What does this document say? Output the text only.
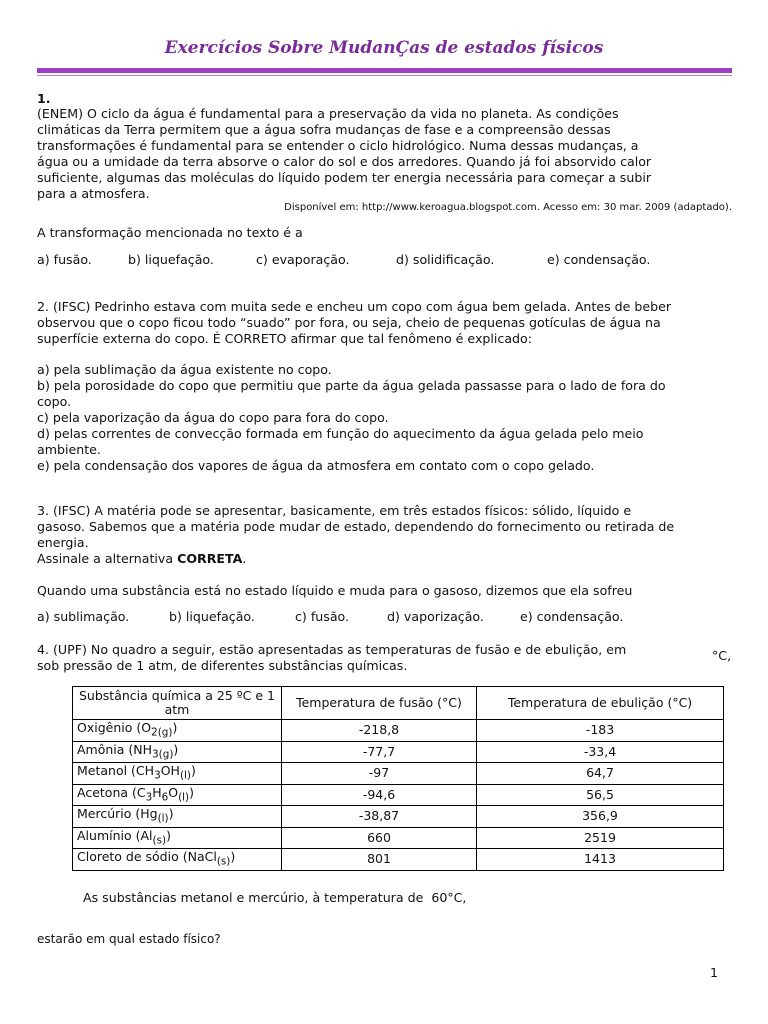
Exercícios Sobre MudanÇas de estados físicos
1.
(ENEM) O ciclo da água é fundamental para a preservação da vida no planeta. As condições
climáticas da Terra permitem que a água sofra mudanças de fase e a compreensão dessas
transformações é fundamental para se entender o ciclo hidrológico. Numa dessas mudanças, a
água ou a umidade da terra absorve o calor do sol e dos arredores. Quando já foi absorvido calor
suficiente, algumas das moléculas do líquido podem ter energia necessária para começar a subir
para a atmosfera.
Disponível em: http://www.keroagua.blogspot.com. Acesso em: 30 mar. 2009 (adaptado).
A transformação mencionada no texto é a
a) fusão.	b) liquefação.	c) evaporação.	d) solidificação.	e) condensação.
2. (IFSC) Pedrinho estava com muita sede e encheu um copo com água bem gelada. Antes de beber
observou que o copo ficou todo “suado” por fora, ou seja, cheio de pequenas gotículas de água na
superfície externa do copo. É CORRETO afirmar que tal fenômeno é explicado:
a) pela sublimação da água existente no copo.
b) pela porosidade do copo que permitiu que parte da água gelada passasse para o lado de fora do
copo.
c) pela vaporização da água do copo para fora do copo.
d) pelas correntes de convecção formada em função do aquecimento da água gelada pelo meio
ambiente.
e) pela condensação dos vapores de água da atmosfera em contato com o copo gelado.
3. (IFSC) A matéria pode se apresentar, basicamente, em três estados físicos: sólido, líquido e
gasoso. Sabemos que a matéria pode mudar de estado, dependendo do fornecimento ou retirada de
energia.
Assinale a alternativa CORRETA.
Quando uma substância está no estado líquido e muda para o gasoso, dizemos que ela sofreu
a) sublimação.	b) liquefação.	c) fusão.	d) vaporização.	e) condensação.
4. (UPF) No quadro a seguir, estão apresentadas as temperaturas de fusão e de ebulição, em
sob pressão de 1 atm, de diferentes substâncias químicas.
°C,
Substância química a 25 ºC e 1 atm	Temperatura de fusão (°C)	Temperatura de ebulição (°C)
Oxigênio $(O_{2(g)})$	-218,8	-183
Amônia $(NH_{3(g)})$	-77,7	-33,4
Metanol $(CH_3OH_{(l)})$	-97	64,7
Acetona $(C_3H_6O_{(l)})$	-94,6	56,5
Mercúrio $(Hg_{(l)})$	-38,87	356,9
Alumínio $(Al_{(s)})$	660	2519
Cloreto de sódio (NaCl$_{(s)}$)	801	1413
As substâncias metanol e mercúrio, à temperatura de  60°C,
estarão em qual estado físico?
1
